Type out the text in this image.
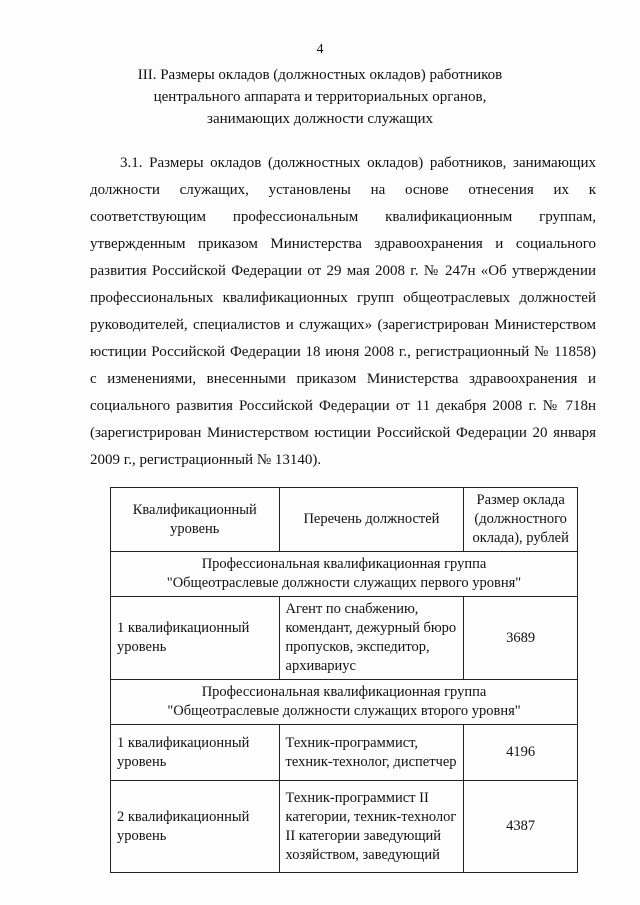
4
III. Размеры окладов (должностных окладов) работников
центрального аппарата и территориальных органов,
занимающих должности служащих
3.1. Размеры окладов (должностных окладов) работников, занимающих
должности служащих, установлены на основе отнесения их к
соответствующим профессиональным квалификационным группам,
утвержденным приказом Министерства здравоохранения и социального
развития Российской Федерации от 29 мая 2008 г. № 247н «Об утверждении
профессиональных квалификационных групп общеотраслевых должностей
руководителей, специалистов и служащих» (зарегистрирован Министерством
юстиции Российской Федерации 18 июня 2008 г., регистрационный № 11858)
с изменениями, внесенными приказом Министерства здравоохранения и
социального развития Российской Федерации от 11 декабря 2008 г. № 718н
(зарегистрирован Министерством юстиции Российской Федерации 20 января
2009 г., регистрационный № 13140).
Квалификационный уровень	Перечень должностей	Размер оклада (должностного оклада), рублей

Профессиональная квалификационная группа
"Общеотраслевые должности служащих первого уровня"		

1 квалификационный уровень	Агент по снабжению, комендант, дежурный бюро пропусков, экспедитор, архивариус	3689

Профессиональная квалификационная группа
"Общеотраслевые должности служащих второго уровня"		

1 квалификационный уровень	Техник-программист, техник-технолог, диспетчер	4196
2 квалификационный уровень	Техник-программист II категории, техник-технолог II категории заведующий хозяйством, заведующий	4387
